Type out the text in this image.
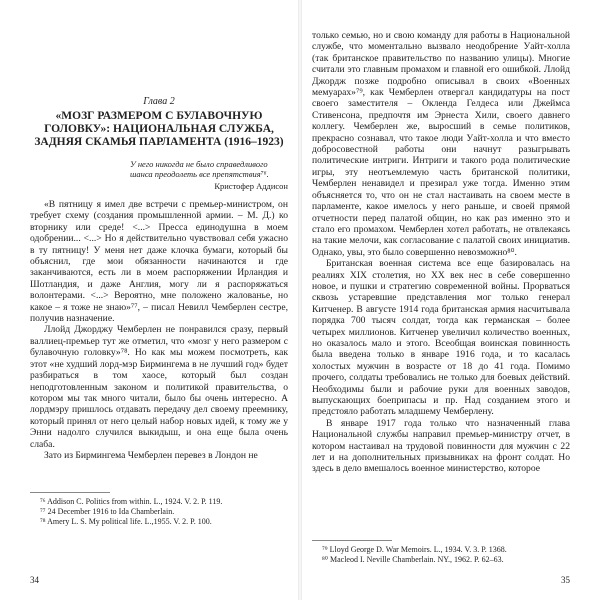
Глава 2
«МОЗГ РАЗМЕРОМ С БУЛАВОЧНУЮ ГОЛОВКУ»: НАЦИОНАЛЬНАЯ СЛУЖБА, ЗАДНЯЯ СКАМЬЯ ПАРЛАМЕНТА (1916–1923)
У него никогда не было справедливого шанса преодолеть все препятствия⁷⁶.
Кристофер Аддисон

«В пятницу я имел две встречи с премьер-министром, он требует схему (создания промышленной армии. – М. Д.) ко вторнику или среде! <...> Пресса единодушна в моем одобрении... <...> Но я действительно чувствовал себя ужасно в ту пятницу! У меня нет даже клочка бумаги, который бы объяснил, где мои обязанности начинаются и где заканчиваются, есть ли в моем распоряжении Ирландия и Шотландия, и даже Англия, могу ли я распоряжаться волонтерами. <...> Вероятно, мне положено жалованье, но какое – я тоже не знаю»⁷⁷, – писал Невилл Чемберлен сестре, получив назначение.

Ллойд Джорджу Чемберлен не понравился сразу, первый валлиец-премьер тут же отметил, что «мозг у него размером с булавочную головку»⁷⁸. Но как мы можем посмотреть, как этот «не худший лорд-мэр Бирмингема в не лучший год» будет разбираться в том хаосе, который был создан неподготовленным законом и политикой правительства, о котором мы так много читали, было бы очень интересно. А лордмэру пришлось отдавать передачу дел своему преемнику, который принял от него целый набор новых идей, к тому же у Энни надолго случился выкидыш, и она еще была очень слаба.

Зато из Бирмингема Чемберлен перевез в Лондон не

⁷⁶ Addison C. Politics from within. L., 1924. V. 2. P. 119.

⁷⁷ 24 December 1916 to Ida Chamberlain.

⁷⁸ Amery L. S. My political life. L.,1955. V. 2. P. 100.

34

только семью, но и свою команду для работы в Национальной службе, что моментально вызвало неодобрение Уайт-холла (так британское правительство по названию улицы). Многие считали это главным промахом и главной его ошибкой. Ллойд Джордж позже подробно описывал в своих «Военных мемуарах»⁷⁹, как Чемберлен отвергал кандидатуры на пост своего заместителя – Окленда Гелдеса или Джеймса Стивенсона, предпочтя им Эрнеста Хили, своего давнего коллегу. Чемберлен же, выросший в семье политиков, прекрасно сознавал, что такое люди Уайт-холла и что вместо добросовестной работы они начнут разыгрывать политические интриги. Интриги и такого рода политические игры, эту неотъемлемую часть британской политики, Чемберлен ненавидел и презирал уже тогда. Именно этим объясняется то, что он не стал настаивать на своем месте в парламенте, какое имелось у него раньше, и своей прямой отчетности перед палатой общин, но как раз именно это и стало его промахом. Чемберлен хотел работать, не отвлекаясь на такие мелочи, как согласование с палатой своих инициатив. Однако, увы, это было совершенно невозможно⁸⁰.

Британская военная система все еще базировалась на реалиях XIX столетия, но ХХ век нес в себе совершенно новое, и пушки и стратегию современной войны. Прорваться сквозь устаревшие представления мог только генерал Китченер. В августе 1914 года британская армия насчитывала порядка 700 тысяч солдат, тогда как германская – более четырех миллионов. Китченер увеличил количество военных, но оказалось мало и этого. Всеобщая воинская повинность была введена только в январе 1916 года, и то касалась холостых мужчин в возрасте от 18 до 41 года. Помимо прочего, солдаты требовались не только для боевых действий. Необходимы были и рабочие руки для военных заводов, выпускающих боеприпасы и пр. Над созданием этого и предстояло работать младшему Чемберлену.

В январе 1917 года только что назначенный глава Национальной службы направил премьер-министру отчет, в котором настаивал на трудовой повинности для мужчин с 22 лет и на дополнительных призывниках на фронт солдат. Но здесь в дело вмешалось военное министерство, которое

⁷⁹ Lloyd George D. War Memoirs. L., 1934. V. 3. P. 1368.

⁸⁰ Macleod I. Neville Chamberlain. NY., 1962. P. 62–63.

35
